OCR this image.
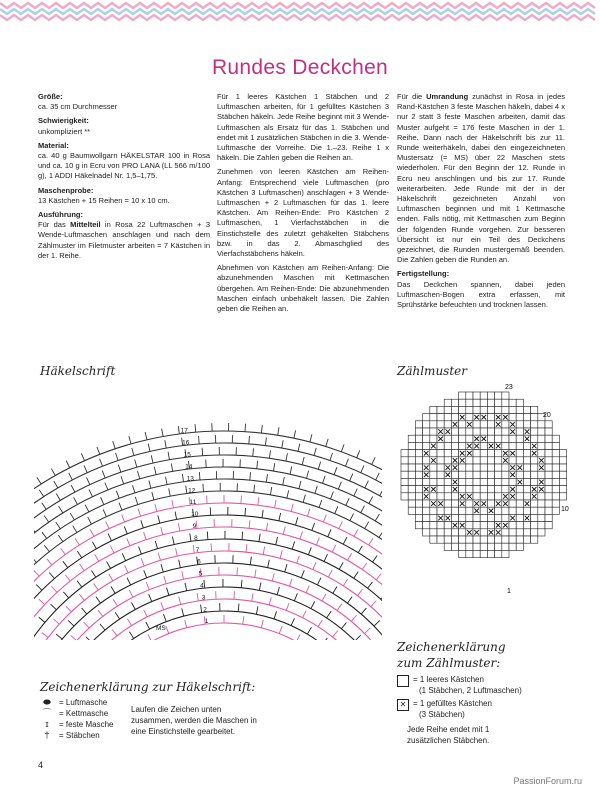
Rundes Deckchen

Größe:
ca. 35 cm Durchmesser

Schwierigkeit:
unkompliziert **

Material:
ca. 40 g Baumwollgarn HÄKELSTAR 100 in Rosa und ca. 10 g in Ecru von PRO LANA (LL 566 m/100 g), 1 ADDI Häkelnadel Nr. 1,5–1,75.

Maschenprobe:
13 Kästchen + 15 Reihen = 10 x 10 cm.

Ausführung:
Für das Mittelteil in Rosa 22 Luftmaschen + 3 Wende-Luftmaschen anschlagen und nach dem Zählmuster im Filetmuster arbeiten = 7 Kästchen in der 1. Reihe.

Für 1 leeres Kästchen 1 Stäbchen und 2 Luftmaschen arbeiten, für 1 gefülltes Kästchen 3 Stäbchen häkeln. Jede Reihe beginnt mit 3 Wende-Luftmaschen als Ersatz für das 1. Stäbchen und endet mit 1 zusätzlichen Stäbchen in die 3. Wende-Luftmasche der Vorreihe. Die 1.–23. Reihe 1 x häkeln. Die Zahlen geben die Reihen an.

Zunehmen von leeren Kästchen am Reihen-Anfang: Entsprechend viele Luftmaschen (pro Kästchen 3 Luftmaschen) anschlagen + 3 Wende-Luftmaschen + 2 Luftmaschen für das 1. leere Kästchen. Am Reihen-Ende: Pro Kästchen 2 Luftmaschen, 1 Vierfachstäbchen in die Einstichstelle des zuletzt gehäkelten Stäbchens bzw. in das 2. Abmaschglied des Vierfachstäbchens häkeln.

Abnehmen von Kästchen am Reihen-Anfang: Die abzunehmenden Maschen mit Kettmaschen übergehen. Am Reihen-Ende: Die abzunehmenden Maschen einfach unbehäkelt lassen. Die Zahlen geben die Reihen an.

Für die Umrandung zunächst in Rosa in jedes Rand-Kästchen 3 feste Maschen häkeln, dabei 4 x nur 2 statt 3 feste Maschen arbeiten, damit das Muster aufgeht = 176 feste Maschen in der 1. Reihe. Dann nach der Häkelschrift bis zur 11. Runde weiterhäkeln, dabei den eingezeichneten Mustersatz (= MS) über 22 Maschen stets wiederholen. Für den Beginn der 12. Runde in Ecru neu anschlingen und bis zur 17. Runde weiterarbeiten. Jede Runde mit der in der Häkelschrift gezeichneten Anzahl von Luftmaschen beginnen und mit 1 Kettmasche enden. Falls nötig, mit Kettmaschen zum Beginn der folgenden Runde vorgehen. Zur besseren Übersicht ist nur ein Teil des Deckchens gezeichnet, die Runden mustergemäß beenden. Die Zahlen geben die Runden an.

Fertigstellung:
Das Deckchen spannen, dabei jeden Luftmaschen-Bogen extra erfassen, mit Sprühstärke befeuchten und trocknen lassen.

Häkelschrift	Zählmuster
1
2
3
4
5
6
7
8
9
10
11
12
13
14
15
16
17
MS
23
20
10
1
Zeichenerklärung zur Häkelschrift:
⬬	= Luftmasche
⌒ = Kettmasche
ɪ	= feste Masche
†	= Stäbchen
Laufen die Zeichen unten zusammen, werden die Maschen in eine Einstichstelle gearbeitet.
Zeichenerklärung
zum Zählmuster:
= 1 leeres Kästchen
(1 Stäbchen, 2 Luftmaschen)
✕ = 1 gefülltes Kästchen
(3 Stäbchen)
Jede Reihe endet mit 1 zusätzlichen Stäbchen.
4
PassionForum.ru
